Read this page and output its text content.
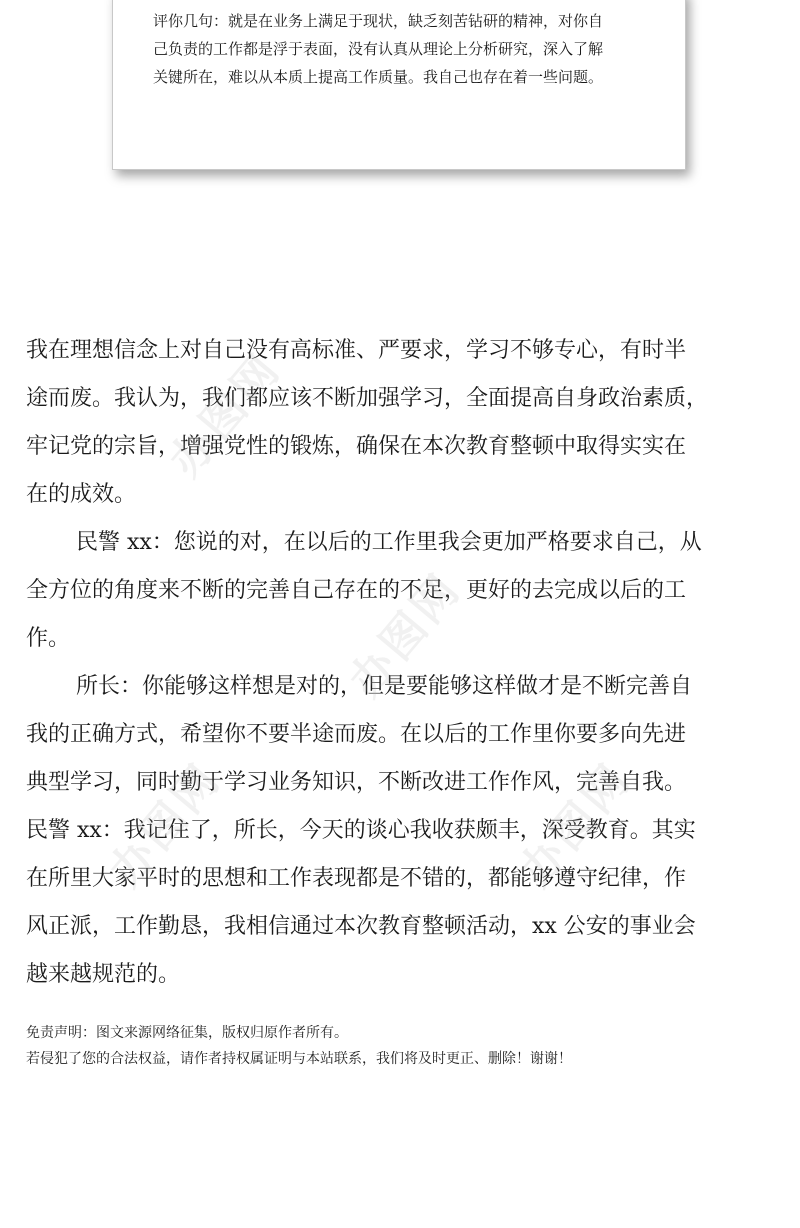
评你几句：就是在业务上满足于现状，缺乏刻苦钻研的精神，对你自
己负责的工作都是浮于表面，没有认真从理论上分析研究，深入了解
关键所在，难以从本质上提高工作质量。我自己也存在着一些问题。

我在理想信念上对自己没有高标准、严要求，学习不够专心，有时半
途而废。我认为，我们都应该不断加强学习，全面提高自身政治素质，
牢记党的宗旨，增强党性的锻炼，确保在本次教育整顿中取得实实在
在的成效。
民警 xx：您说的对，在以后的工作里我会更加严格要求自己，从
全方位的角度来不断的完善自己存在的不足，更好的去完成以后的工
作。
所长：你能够这样想是对的，但是要能够这样做才是不断完善自
我的正确方式，希望你不要半途而废。在以后的工作里你要多向先进
典型学习，同时勤于学习业务知识，不断改进工作作风，完善自我。
民警 xx：我记住了，所长，今天的谈心我收获颇丰，深受教育。其实
在所里大家平时的思想和工作表现都是不错的，都能够遵守纪律，作
风正派，工作勤恳，我相信通过本次教育整顿活动，xx 公安的事业会
越来越规范的。
免责声明：图文来源网络征集，版权归原作者所有。
若侵犯了您的合法权益，请作者持权属证明与本站联系，我们将及时更正、删除！谢谢！
办图网
办图网
办图网	办图网
